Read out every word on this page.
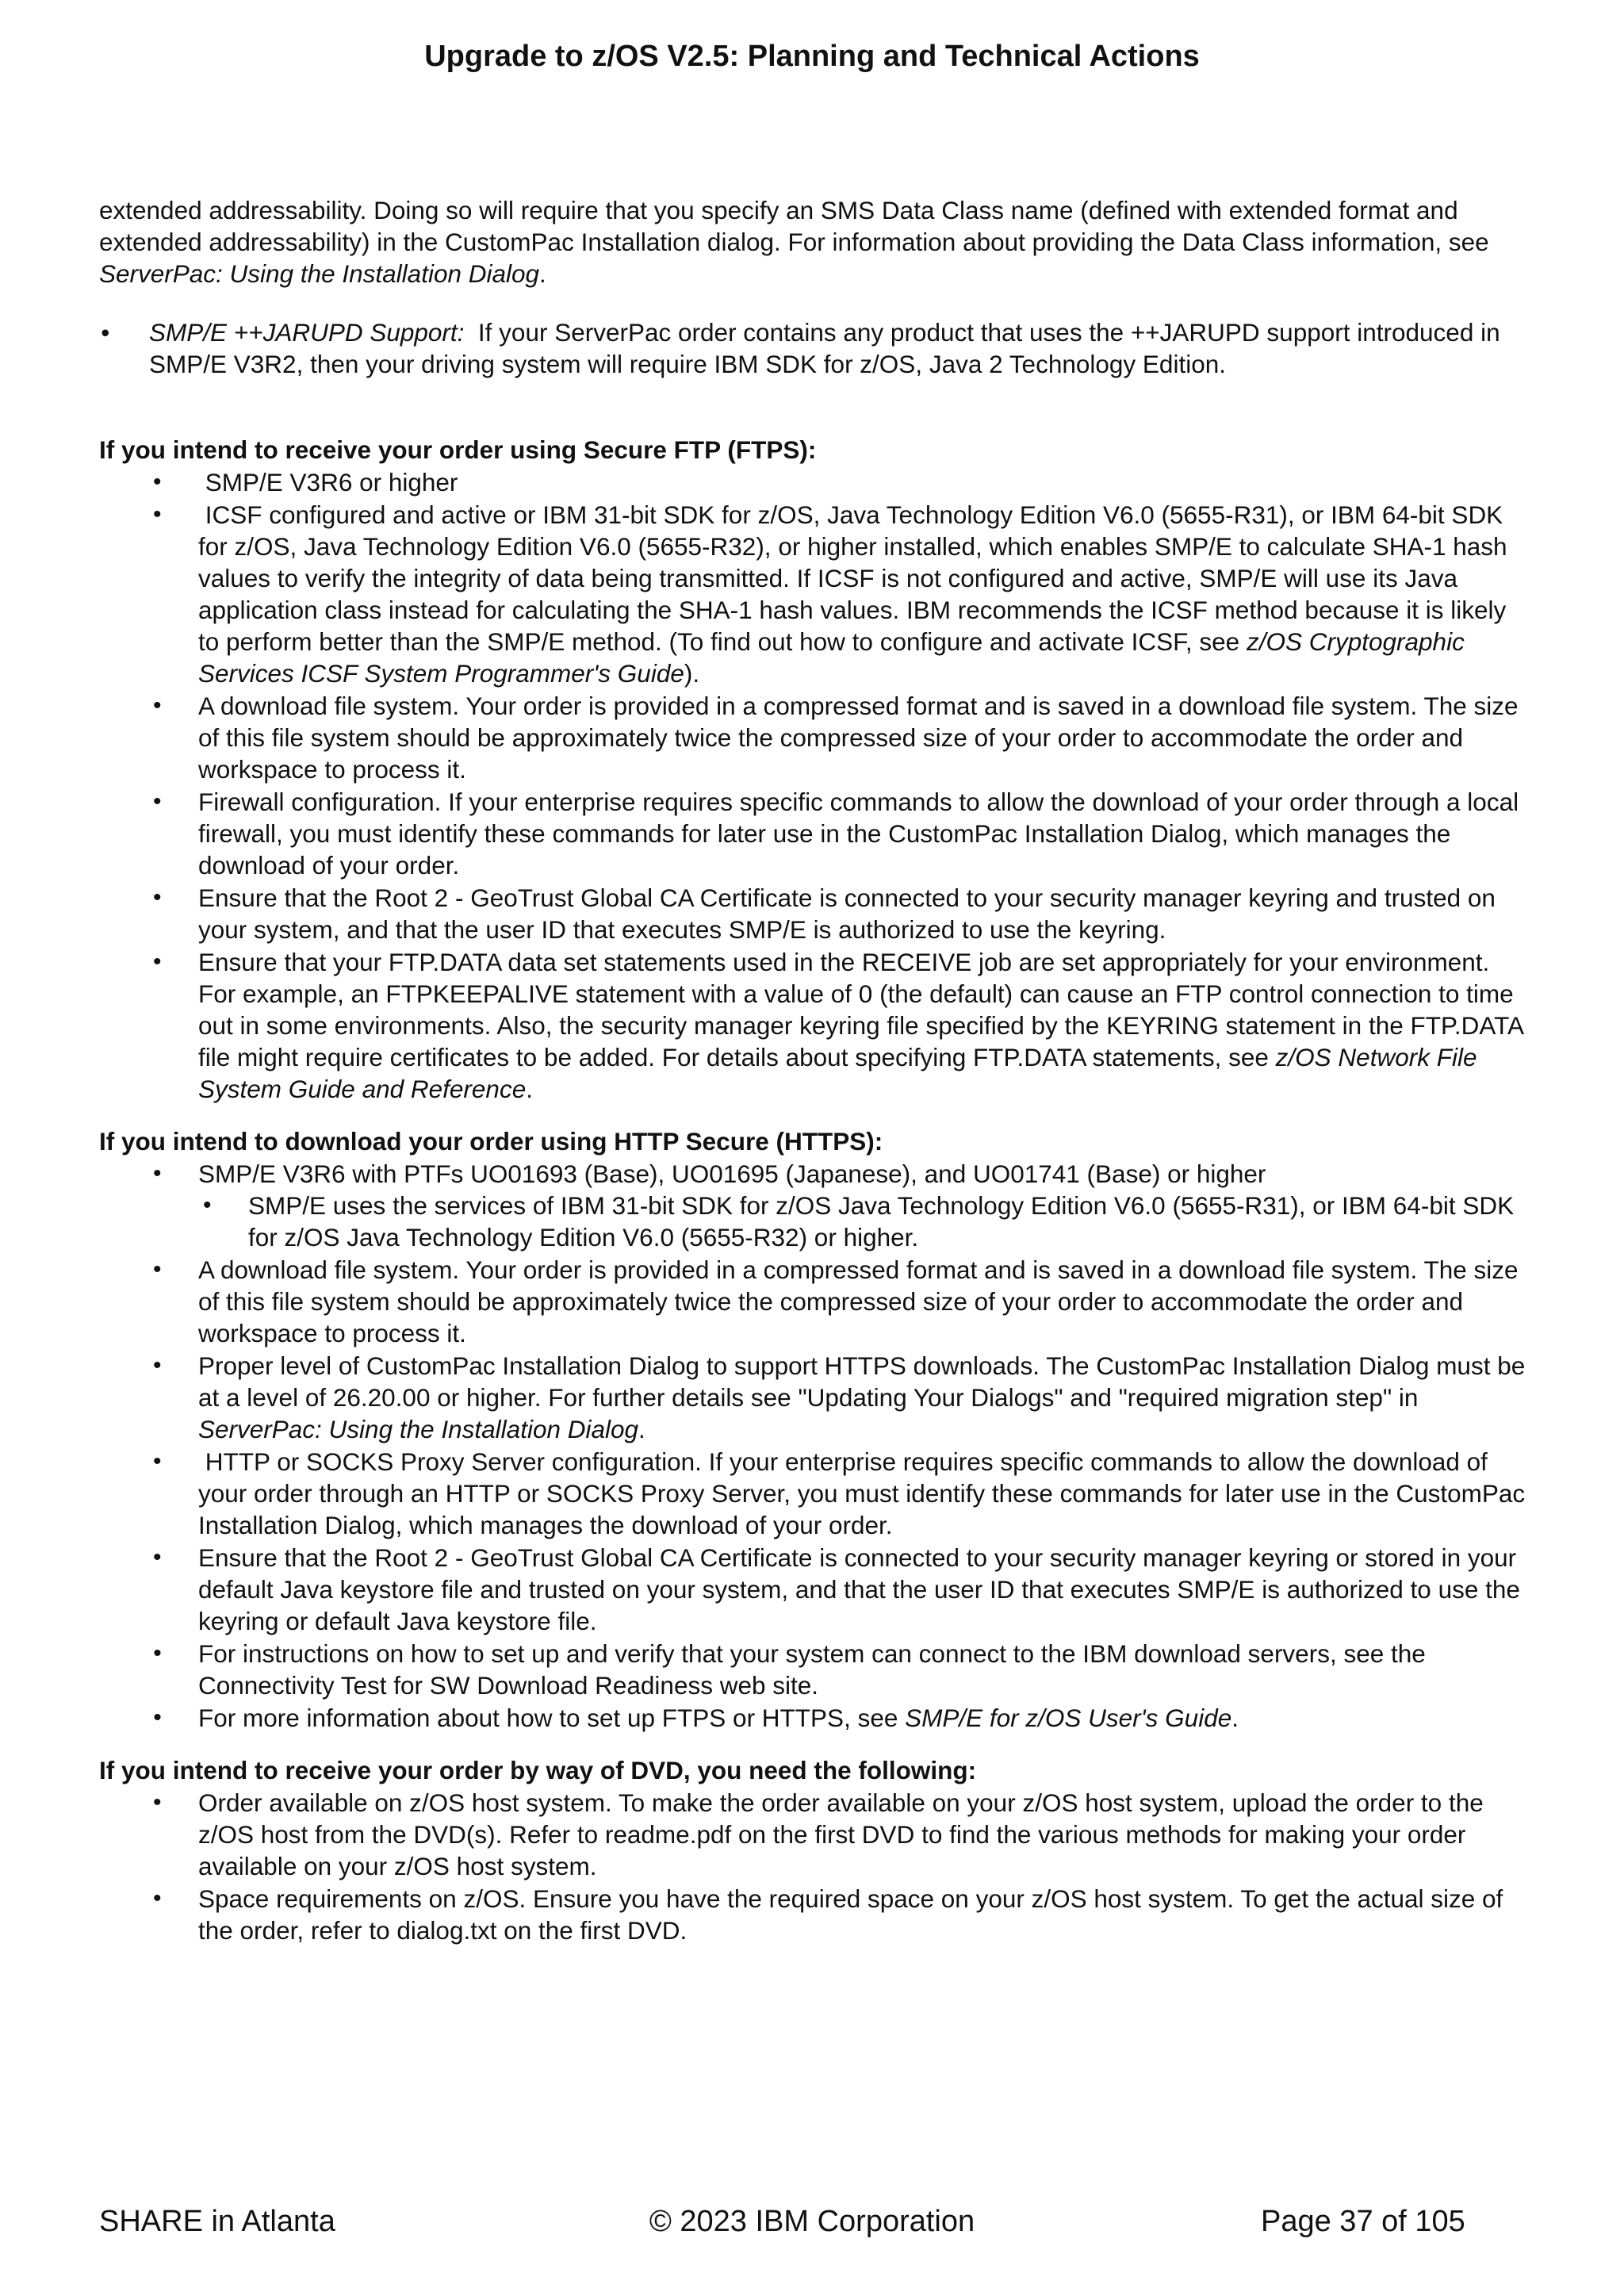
Upgrade to z/OS V2.5: Planning and Technical Actions

extended addressability. Doing so will require that you specify an SMS Data Class name (defined with extended format and extended addressability) in the CustomPac Installation dialog. For information about providing the Data Class information, see ServerPac: Using the Installation Dialog.

• SMP/E ++JARUPD Support:  If your ServerPac order contains any product that uses the ++JARUPD support introduced in SMP/E V3R2, then your driving system will require IBM SDK for z/OS, Java 2 Technology Edition.
If you intend to receive your order using Secure FTP (FTPS):
• SMP/E V3R6 or higher
• ICSF configured and active or IBM 31-bit SDK for z/OS, Java Technology Edition V6.0 (5655-R31), or IBM 64-bit SDK for z/OS, Java Technology Edition V6.0 (5655-R32), or higher installed, which enables SMP/E to calculate SHA-1 hash values to verify the integrity of data being transmitted. If ICSF is not configured and active, SMP/E will use its Java application class instead for calculating the SHA-1 hash values. IBM recommends the ICSF method because it is likely to perform better than the SMP/E method. (To find out how to configure and activate ICSF, see z/OS Cryptographic Services ICSF System Programmer's Guide).
• A download file system. Your order is provided in a compressed format and is saved in a download file system. The size of this file system should be approximately twice the compressed size of your order to accommodate the order and workspace to process it.
• Firewall configuration. If your enterprise requires specific commands to allow the download of your order through a local firewall, you must identify these commands for later use in the CustomPac Installation Dialog, which manages the download of your order.
• Ensure that the Root 2 - GeoTrust Global CA Certificate is connected to your security manager keyring and trusted on your system, and that the user ID that executes SMP/E is authorized to use the keyring.
• Ensure that your FTP.DATA data set statements used in the RECEIVE job are set appropriately for your environment. For example, an FTPKEEPALIVE statement with a value of 0 (the default) can cause an FTP control connection to time out in some environments. Also, the security manager keyring file specified by the KEYRING statement in the FTP.DATA file might require certificates to be added. For details about specifying FTP.DATA statements, see z/OS Network File System Guide and Reference.
If you intend to download your order using HTTP Secure (HTTPS):
• SMP/E V3R6 with PTFs UO01693 (Base), UO01695 (Japanese), and UO01741 (Base) or higher
• SMP/E uses the services of IBM 31-bit SDK for z/OS Java Technology Edition V6.0 (5655-R31), or IBM 64-bit SDK for z/OS Java Technology Edition V6.0 (5655-R32) or higher.
• A download file system. Your order is provided in a compressed format and is saved in a download file system. The size of this file system should be approximately twice the compressed size of your order to accommodate the order and workspace to process it.
• Proper level of CustomPac Installation Dialog to support HTTPS downloads. The CustomPac Installation Dialog must be at a level of 26.20.00 or higher. For further details see "Updating Your Dialogs" and "required migration step" in ServerPac: Using the Installation Dialog.
• HTTP or SOCKS Proxy Server configuration. If your enterprise requires specific commands to allow the download of your order through an HTTP or SOCKS Proxy Server, you must identify these commands for later use in the CustomPac Installation Dialog, which manages the download of your order.
• Ensure that the Root 2 - GeoTrust Global CA Certificate is connected to your security manager keyring or stored in your default Java keystore file and trusted on your system, and that the user ID that executes SMP/E is authorized to use the keyring or default Java keystore file.
• For instructions on how to set up and verify that your system can connect to the IBM download servers, see the Connectivity Test for SW Download Readiness web site.
• For more information about how to set up FTPS or HTTPS, see SMP/E for z/OS User's Guide.
If you intend to receive your order by way of DVD, you need the following:
• Order available on z/OS host system. To make the order available on your z/OS host system, upload the order to the z/OS host from the DVD(s). Refer to readme.pdf on the first DVD to find the various methods for making your order available on your z/OS host system.
• Space requirements on z/OS. Ensure you have the required space on your z/OS host system. To get the actual size of the order, refer to dialog.txt on the first DVD.
SHARE in Atlanta	© 2023 IBM Corporation	Page 37 of 105
